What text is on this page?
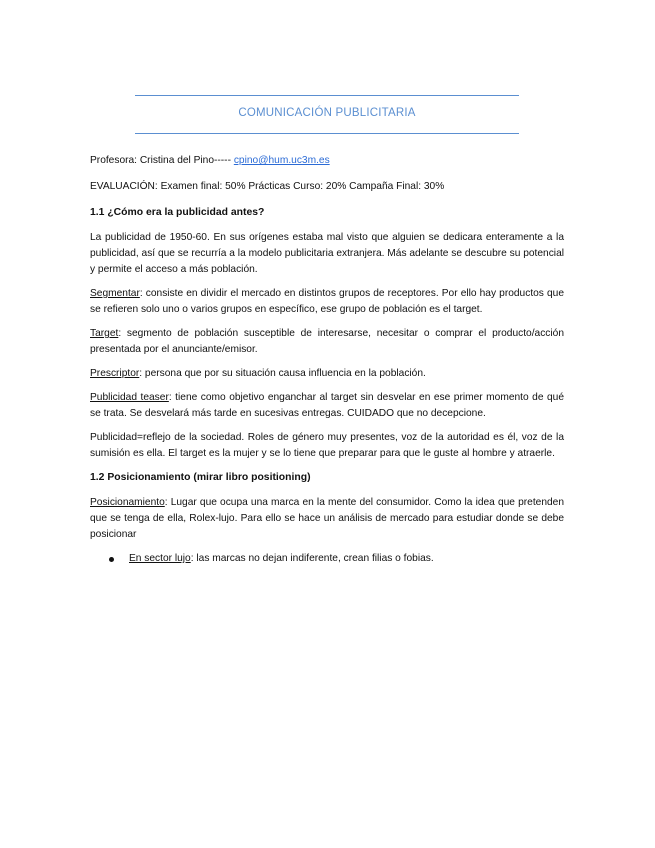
COMUNICACIÓN PUBLICITARIA

Profesora: Cristina del Pino----- cpino@hum.uc3m.es

EVALUACIÓN: Examen final: 50% Prácticas Curso: 20% Campaña Final: 30%

1.1 ¿Cómo era la publicidad antes?

La publicidad de 1950-60. En sus orígenes estaba mal visto que alguien se dedicara enteramente a la publicidad, así que se recurría a la modelo publicitaria extranjera. Más adelante se descubre su potencial y permite el acceso a más población.

Segmentar: consiste en dividir el mercado en distintos grupos de receptores. Por ello hay productos que se refieren solo uno o varios grupos en específico, ese grupo de población es el target.

Target: segmento de población susceptible de interesarse, necesitar o comprar el producto/acción presentada por el anunciante/emisor.

Prescriptor: persona que por su situación causa influencia en la población.

Publicidad teaser: tiene como objetivo enganchar al target sin desvelar en ese primer momento de qué se trata. Se desvelará más tarde en sucesivas entregas. CUIDADO que no decepcione.

Publicidad=reflejo de la sociedad. Roles de género muy presentes, voz de la autoridad es él, voz de la sumisión es ella. El target es la mujer y se lo tiene que preparar para que le guste al hombre y atraerle.

1.2 Posicionamiento (mirar libro positioning)

Posicionamiento: Lugar que ocupa una marca en la mente del consumidor. Como la idea que pretenden que se tenga de ella, Rolex-lujo. Para ello se hace un análisis de mercado para estudiar donde se debe posicionar

En sector lujo: las marcas no dejan indiferente, crean filias o fobias.
